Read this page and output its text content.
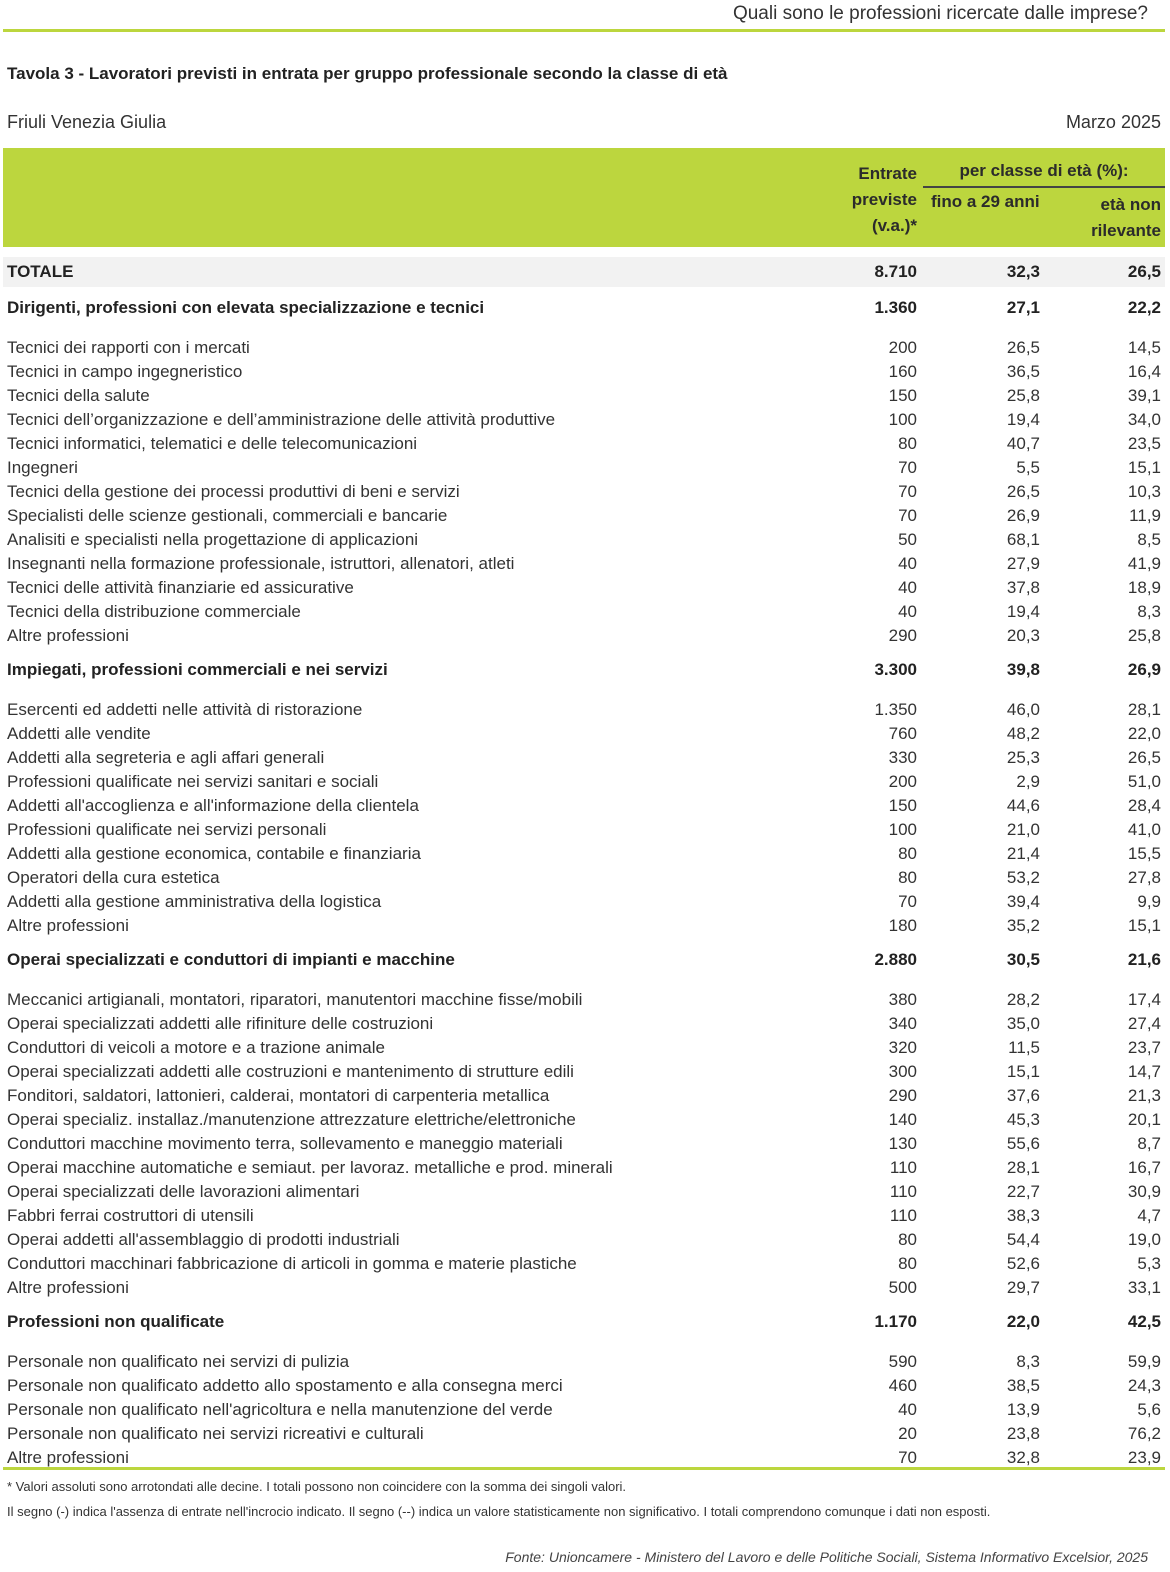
Quali sono le professioni ricercate dalle imprese?
Tavola 3 - Lavoratori previsti in entrata per gruppo professionale secondo la classe di età
Friuli Venezia Giulia	Marzo 2025
Entrate
previste
(v.a.)*
per classe di età (%):
fino a 29 anni	età non
rilevante
TOTALE	8.710	32,3	26,5
Dirigenti, professioni con elevata specializzazione e tecnici	1.360	27,1	22,2
Tecnici dei rapporti con i mercati	200	26,5	14,5
Tecnici in campo ingegneristico	160	36,5	16,4
Tecnici della salute	150	25,8	39,1
Tecnici dell’organizzazione e dell’amministrazione delle attività produttive	100	19,4	34,0
Tecnici informatici, telematici e delle telecomunicazioni	80	40,7	23,5
Ingegneri	70	5,5	15,1
Tecnici della gestione dei processi produttivi di beni e servizi	70	26,5	10,3
Specialisti delle scienze gestionali, commerciali e bancarie	70	26,9	11,9
Analisiti e specialisti nella progettazione di applicazioni	50	68,1	8,5
Insegnanti nella formazione professionale, istruttori, allenatori, atleti	40	27,9	41,9
Tecnici delle attività finanziarie ed assicurative	40	37,8	18,9
Tecnici della distribuzione commerciale	40	19,4	8,3
Altre professioni	290	20,3	25,8
Impiegati, professioni commerciali e nei servizi	3.300	39,8	26,9
Esercenti ed addetti nelle attività di ristorazione	1.350	46,0	28,1
Addetti alle vendite	760	48,2	22,0
Addetti alla segreteria e agli affari generali	330	25,3	26,5
Professioni qualificate nei servizi sanitari e sociali	200	2,9	51,0
Addetti all'accoglienza e all'informazione della clientela	150	44,6	28,4
Professioni qualificate nei servizi personali	100	21,0	41,0
Addetti alla gestione economica, contabile e finanziaria	80	21,4	15,5
Operatori della cura estetica	80	53,2	27,8
Addetti alla gestione amministrativa della logistica	70	39,4	9,9
Altre professioni	180	35,2	15,1
Operai specializzati e conduttori di impianti e macchine	2.880	30,5	21,6
Meccanici artigianali, montatori, riparatori, manutentori macchine fisse/mobili	380	28,2	17,4
Operai specializzati addetti alle rifiniture delle costruzioni	340	35,0	27,4
Conduttori di veicoli a motore e a trazione animale	320	11,5	23,7
Operai specializzati addetti alle costruzioni e mantenimento di strutture edili	300	15,1	14,7
Fonditori, saldatori, lattonieri, calderai, montatori di carpenteria metallica	290	37,6	21,3
Operai specializ. installaz./manutenzione attrezzature elettriche/elettroniche	140	45,3	20,1
Conduttori macchine movimento terra, sollevamento e maneggio materiali	130	55,6	8,7
Operai macchine automatiche e semiaut. per lavoraz. metalliche e prod. minerali	110	28,1	16,7
Operai specializzati delle lavorazioni alimentari	110	22,7	30,9
Fabbri ferrai costruttori di utensili	110	38,3	4,7
Operai addetti all'assemblaggio di prodotti industriali	80	54,4	19,0
Conduttori macchinari fabbricazione di articoli in gomma e materie plastiche	80	52,6	5,3
Altre professioni	500	29,7	33,1
Professioni non qualificate	1.170	22,0	42,5
Personale non qualificato nei servizi di pulizia	590	8,3	59,9
Personale non qualificato addetto allo spostamento e alla consegna merci	460	38,5	24,3
Personale non qualificato nell'agricoltura e nella manutenzione del verde	40	13,9	5,6
Personale non qualificato nei servizi ricreativi e culturali	20	23,8	76,2
Altre professioni	70	32,8	23,9
* Valori assoluti sono arrotondati alle decine. I totali possono non coincidere con la somma dei singoli valori.
Il segno (-) indica l'assenza di entrate nell'incrocio indicato. Il segno (--) indica un valore statisticamente non significativo. I totali comprendono comunque i dati non esposti.
Fonte: Unioncamere - Ministero del Lavoro e delle Politiche Sociali, Sistema Informativo Excelsior, 2025
